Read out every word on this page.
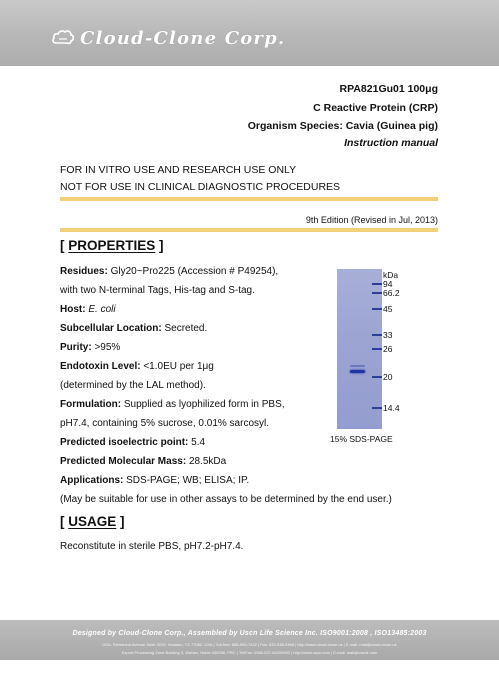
Cloud-Clone Corp.
RPA821Gu01 100μg
C Reactive Protein (CRP)
Organism Species: Cavia (Guinea pig)
Instruction manual
FOR IN VITRO USE AND RESEARCH USE ONLY
NOT FOR USE IN CLINICAL DIAGNOSTIC PROCEDURES
9th Edition (Revised in Jul, 2013)
[ PROPERTIES ]
Residues: Gly20~Pro225 (Accession # P49254),
with two N-terminal Tags, His-tag and S-tag.
Host: E. coli
Subcellular Location: Secreted.
Purity: >95%
Endotoxin Level: <1.0EU per 1μg
(determined by the LAL method).
Formulation: Supplied as lyophilized form in PBS,
pH7.4, containing 5% sucrose, 0.01% sarcosyl.
Predicted isoelectric point: 5.4
Predicted Molecular Mass: 28.5kDa
Applications: SDS-PAGE; WB; ELISA; IP.
(May be suitable for use in other assays to be determined by the end user.)
kDa
94
66.2
45
33
26
20
14.4
15% SDS-PAGE
[ USAGE ]
Reconstitute in sterile PBS, pH7.2-pH7.4.
Designed by Cloud-Clone Corp., Assembled by Uscn Life Science Inc. ISO9001:2008 , ISO13485:2003
USA: Richmond Avenue Suite 3019, Houston, TX 77082, USA | Toll-free: 888-960-7402 | Fax: 832-538-0368 | http://www.cloud-clone.us | E-mail: mail@cloud-clone.us
Export Processing Zone Building 3, Wuhan, Hubei 430056, PRC | Tel/Fax: 0086-027-84259552 | http://www.uscn.com | E-mail: mail@uscnk.com
